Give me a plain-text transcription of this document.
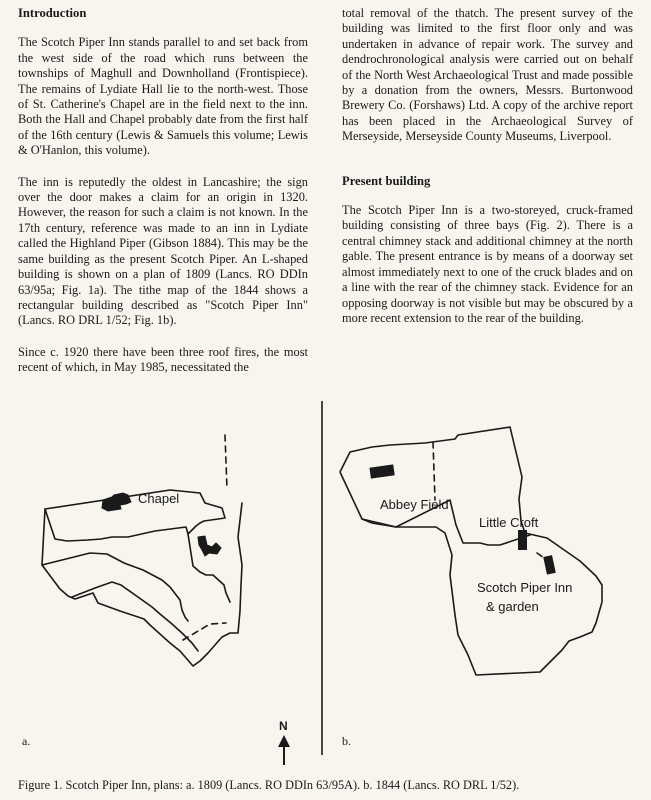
Introduction

The Scotch Piper Inn stands parallel to and set back from the west side of the road which runs between the townships of Maghull and Downholland (Frontispiece). The remains of Lydiate Hall lie to the north-west. Those of St. Catherine's Chapel are in the field next to the inn. Both the Hall and Chapel probably date from the first half of the 16th century (Lewis & Samuels this volume; Lewis & O'Hanlon, this volume).

The inn is reputedly the oldest in Lancashire; the sign over the door makes a claim for an origin in 1320. However, the reason for such a claim is not known. In the 17th century, reference was made to an inn in Lydiate called the Highland Piper (Gibson 1884). This may be the same building as the present Scotch Piper. An L-shaped building is shown on a plan of 1809 (Lancs. RO DDIn 63/95a; Fig. 1a). The tithe map of the 1844 shows a rectangular building described as "Scotch Piper Inn" (Lancs. RO DRL 1/52; Fig. 1b).

Since c. 1920 there have been three roof fires, the most recent of which, in May 1985, necessitated the

total removal of the thatch. The present survey of the building was limited to the first floor only and was undertaken in advance of repair work. The survey and dendrochronological analysis were carried out on behalf of the North West Archaeological Trust and made possible by a donation from the owners, Messrs. Burtonwood Brewery Co. (Forshaws) Ltd. A copy of the archive report has been placed in the Archaeological Survey of Merseyside, Merseyside County Museums, Liverpool.

Present building

The Scotch Piper Inn is a two-storeyed, cruck-framed building consisting of three bays (Fig. 2). There is a central chimney stack and additional chimney at the north gable. The present entrance is by means of a doorway set almost immediately next to one of the cruck blades and on a line with the rear of the chimney stack. Evidence for an opposing doorway is not visible but may be obscured by a more recent extension to the rear of the building.

Chapel	Abbey Field
Little Croft
Scotch Piper Inn
& garden
N
a.	b.
Figure 1. Scotch Piper Inn, plans: a. 1809 (Lancs. RO DDIn 63/95A). b. 1844 (Lancs. RO DRL 1/52).
